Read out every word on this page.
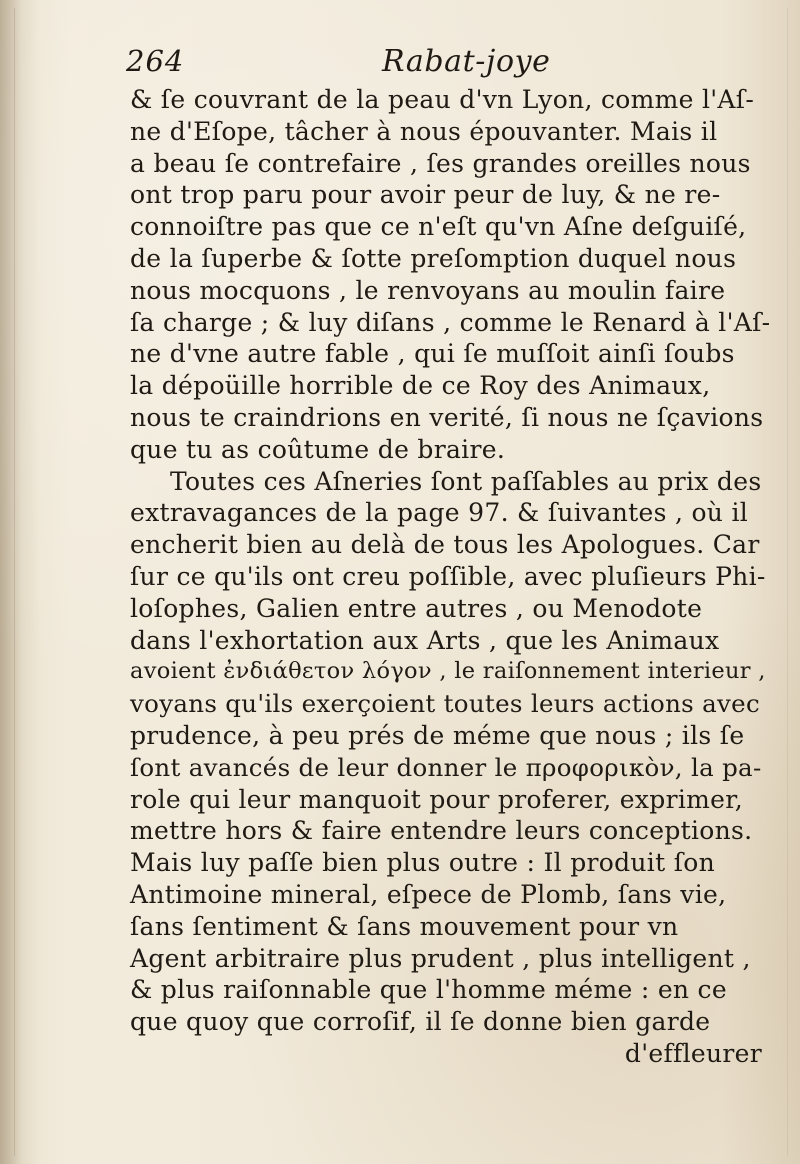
264	Rabat-joye
& ſe couvrant de la peau d'vn Lyon, comme l'Aſ-
ne d'Eſope, tâcher à nous épouvanter. Mais il
a beau ſe contrefaire , ſes grandes oreilles nous
ont trop paru pour avoir peur de luy, & ne re-
connoiſtre pas que ce n'eſt qu'vn Aſne deſguiſé,
de la ſuperbe & ſotte preſomption duquel nous
nous mocquons , le renvoyans au moulin faire
ſa charge ; & luy diſans , comme le Renard à l'Aſ-
ne d'vne autre fable , qui ſe muſſoit ainſi ſoubs
la dépoüille horrible de ce Roy des Animaux,
nous te craindrions en verité, ſi nous ne ſçavions
que tu as coûtume de braire.
Toutes ces Aſneries ſont paſſables au prix des
extravagances de la page 97. & ſuivantes , où il
encherit bien au delà de tous les Apologues. Car
ſur ce qu'ils ont creu poſſible, avec pluſieurs Phi-
loſophes, Galien entre autres , ou Menodote
dans l'exhortation aux Arts , que les Animaux
avoient ἐνδιάθετον λόγον , le raiſonnement interieur ,
voyans qu'ils exerçoient toutes leurs actions avec
prudence, à peu prés de méme que nous ; ils ſe
ſont avancés de leur donner le προφορικὸν, la pa-
role qui leur manquoit pour proferer, exprimer,
mettre hors & faire entendre leurs conceptions.
Mais luy paſſe bien plus outre : Il produit ſon
Antimoine mineral, eſpece de Plomb, ſans vie,
ſans ſentiment & ſans mouvement pour vn
Agent arbitraire plus prudent , plus intelligent ,
& plus raiſonnable que l'homme méme : en ce
que quoy que corroſif, il ſe donne bien garde
d'effleurer
